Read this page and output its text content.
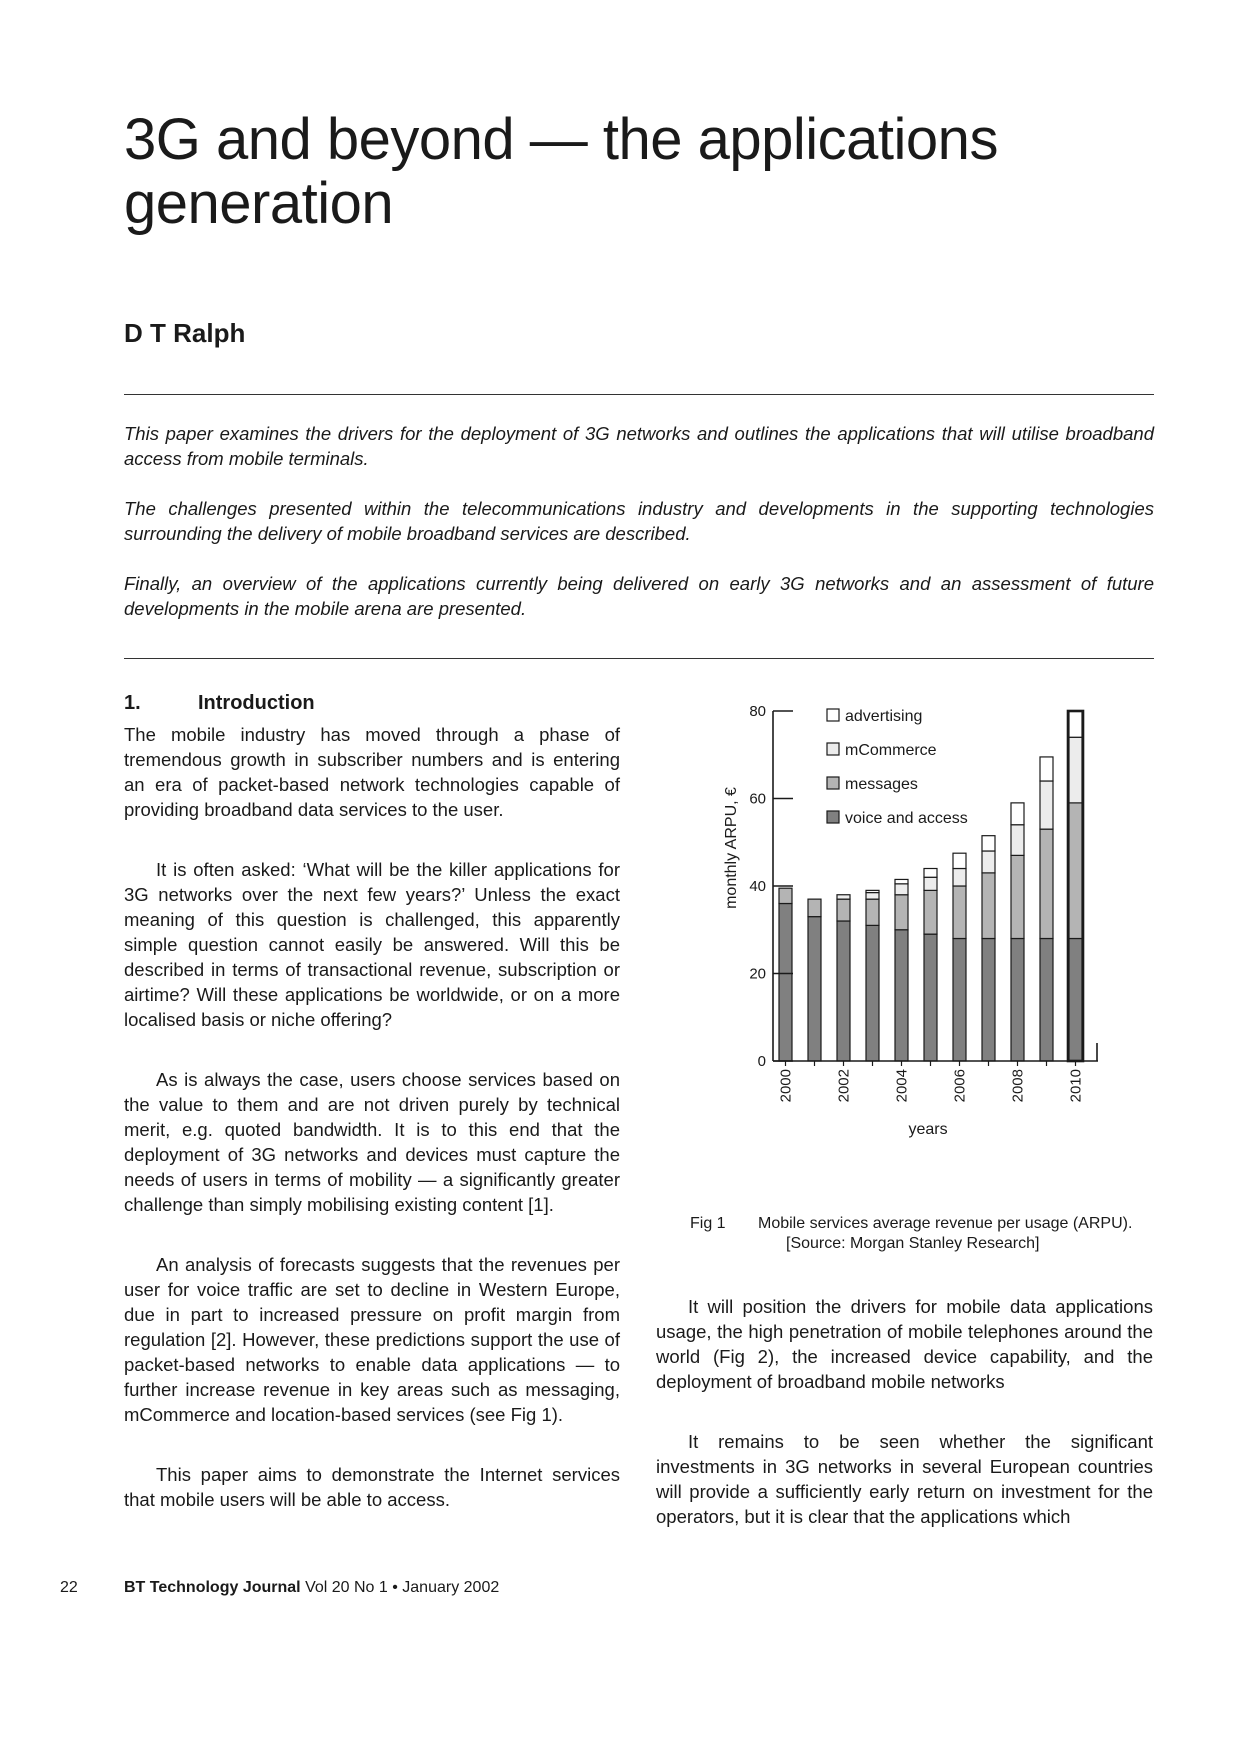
3G and beyond — the applications generation
D T Ralph

This paper examines the drivers for the deployment of 3G networks and outlines the applications that will utilise broadband access from mobile terminals.

The challenges presented within the telecommunications industry and developments in the supporting technologies surrounding the delivery of mobile broadband services are described.

Finally, an overview of the applications currently being delivered on early 3G networks and an assessment of future developments in the mobile arena are presented.

1.	Introduction

The mobile industry has moved through a phase of tremendous growth in subscriber numbers and is entering an era of packet-based network technologies capable of providing broadband data services to the user.

It is often asked: ‘What will be the killer applications for 3G networks over the next few years?’ Unless the exact meaning of this question is challenged, this apparently simple question cannot easily be answered. Will this be described in terms of transactional revenue, subscription or airtime? Will these applications be worldwide, or on a more localised basis or niche offering?

As is always the case, users choose services based on the value to them and are not driven purely by technical merit, e.g. quoted bandwidth. It is to this end that the deployment of 3G networks and devices must capture the needs of users in terms of mobility — a significantly greater challenge than simply mobilising existing content [1].

An analysis of forecasts suggests that the revenues per user for voice traffic are set to decline in Western Europe, due in part to increased pressure on profit margin from regulation [2]. However, these predictions support the use of packet-based networks to enable data applications — to further increase revenue in key areas such as messaging, mCommerce and location-based services (see Fig 1).

This paper aims to demonstrate the Internet services that mobile users will be able to access.

0
20
40
60
80
2000	2002	2004	2006	2008	2010
monthly ARPU, €
years
advertising
mCommerce
messages
voice and access
Fig 1 Mobile services average revenue per usage (ARPU).
[Source: Morgan Stanley Research]

It will position the drivers for mobile data applications usage, the high penetration of mobile telephones around the world (Fig 2), the increased device capability, and the deployment of broadband mobile networks

It remains to be seen whether the significant investments in 3G networks in several European countries will provide a sufficiently early return on investment for the operators, but it is clear that the applications which

22	BT Technology Journal Vol 20 No 1 • January 2002
